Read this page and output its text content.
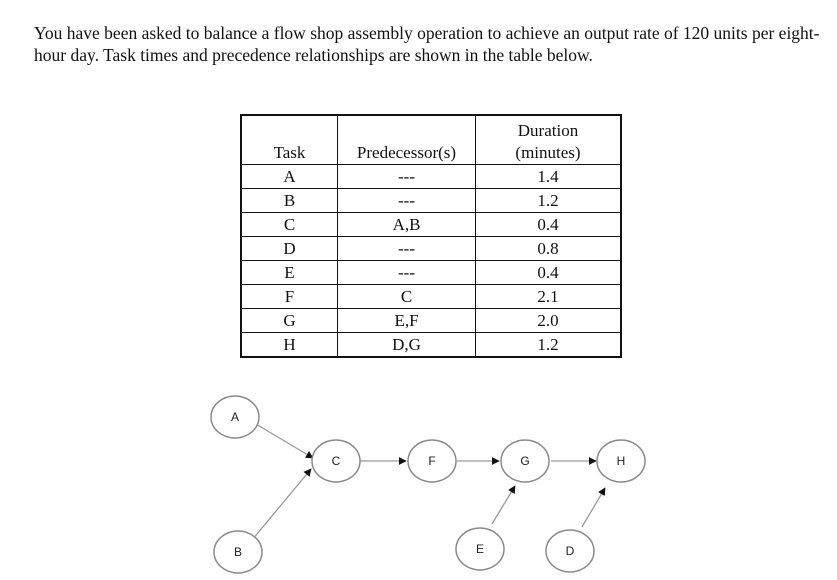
You have been asked to balance a flow shop assembly operation to achieve an output rate of 120 units per eight-hour day. Task times and precedence relationships are shown in the table below.
Task	Predecessor(s)	Duration
(minutes)
A	---	1.4
B	---	1.2
C	A,B	0.4
D	---	0.8
E	---	0.4
F	C	2.1
G	E,F	2.0
H	D,G	1.2
A
B
C	F	G	H
E	D
